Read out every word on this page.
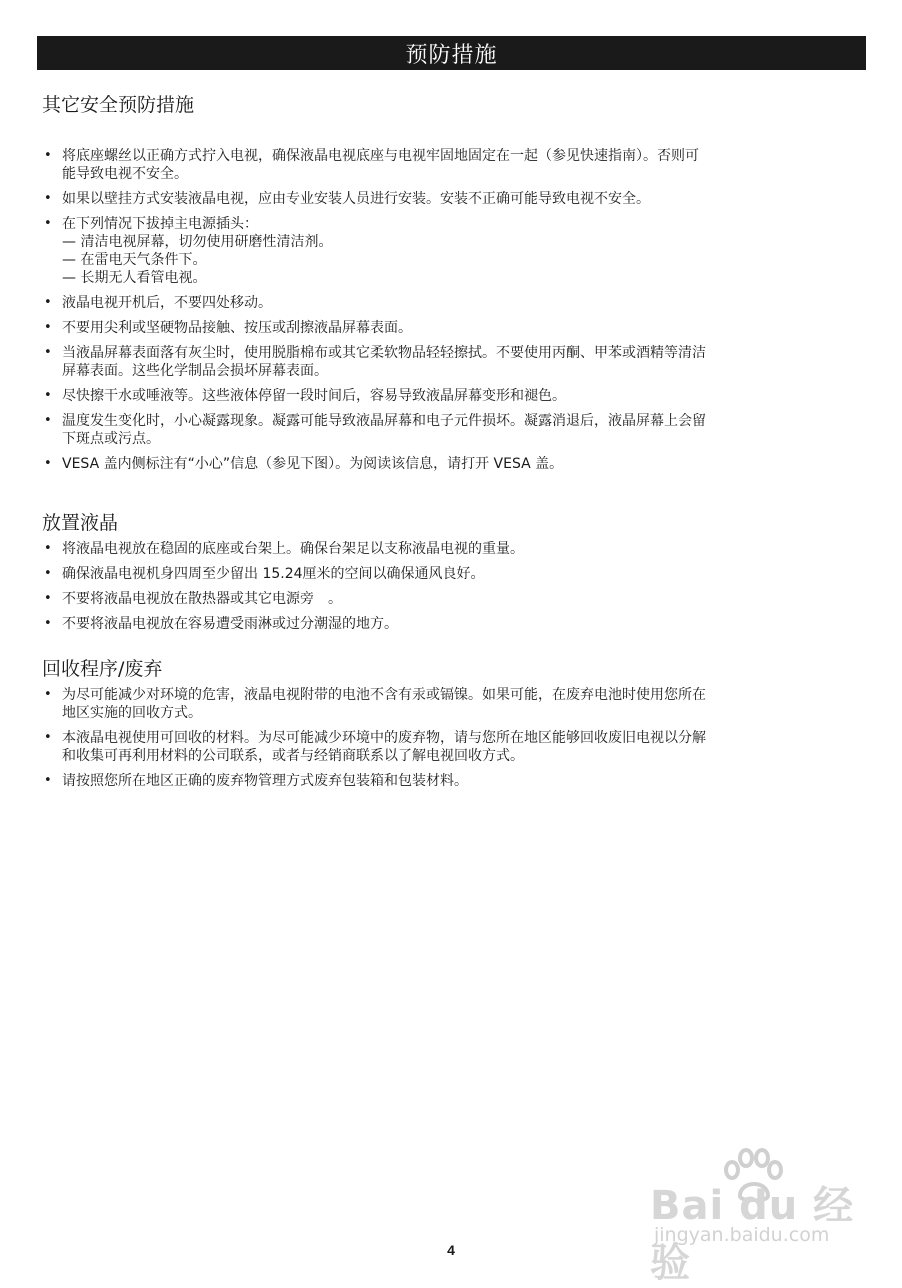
预防措施
其它安全预防措施
• 将底座螺丝以正确方式拧入电视，确保液晶电视底座与电视牢固地固定在一起（参见快速指南）。否则可
能导致电视不安全。
• 如果以壁挂方式安装液晶电视，应由专业安装人员进行安装。安装不正确可能导致电视不安全。
• 在下列情况下拔掉主电源插头：
— 清洁电视屏幕，切勿使用研磨性清洁剂。
— 在雷电天气条件下。
— 长期无人看管电视。
• 液晶电视开机后，不要四处移动。
• 不要用尖利或坚硬物品接触、按压或刮擦液晶屏幕表面。
• 当液晶屏幕表面落有灰尘时，使用脱脂棉布或其它柔软物品轻轻擦拭。不要使用丙酮、甲苯或酒精等清洁
屏幕表面。这些化学制品会损坏屏幕表面。
• 尽快擦干水或唾液等。这些液体停留一段时间后，容易导致液晶屏幕变形和褪色。
• 温度发生变化时，小心凝露现象。凝露可能导致液晶屏幕和电子元件损坏。凝露消退后，液晶屏幕上会留
下斑点或污点。
• VESA 盖内侧标注有“小心”信息（参见下图）。为阅读该信息，请打开 VESA 盖。
放置液晶
• 将液晶电视放在稳固的底座或台架上。确保台架足以支称液晶电视的重量。
• 确保液晶电视机身四周至少留出 15.24厘米的空间以确保通风良好。
• 不要将液晶电视放在散热器或其它电源旁　。
• 不要将液晶电视放在容易遭受雨淋或过分潮湿的地方。
回收程序/废弃
• 为尽可能减少对环境的危害，液晶电视附带的电池不含有汞或镉镍。如果可能，在废弃电池时使用您所在
地区实施的回收方式。
• 本液晶电视使用可回收的材料。为尽可能减少环境中的废弃物，请与您所在地区能够回收废旧电视以分解
和收集可再利用材料的公司联系，或者与经销商联系以了解电视回收方式。
• 请按照您所在地区正确的废弃物管理方式废弃包装箱和包装材料。
Bai du 经验
jingyan.baidu.com
4
